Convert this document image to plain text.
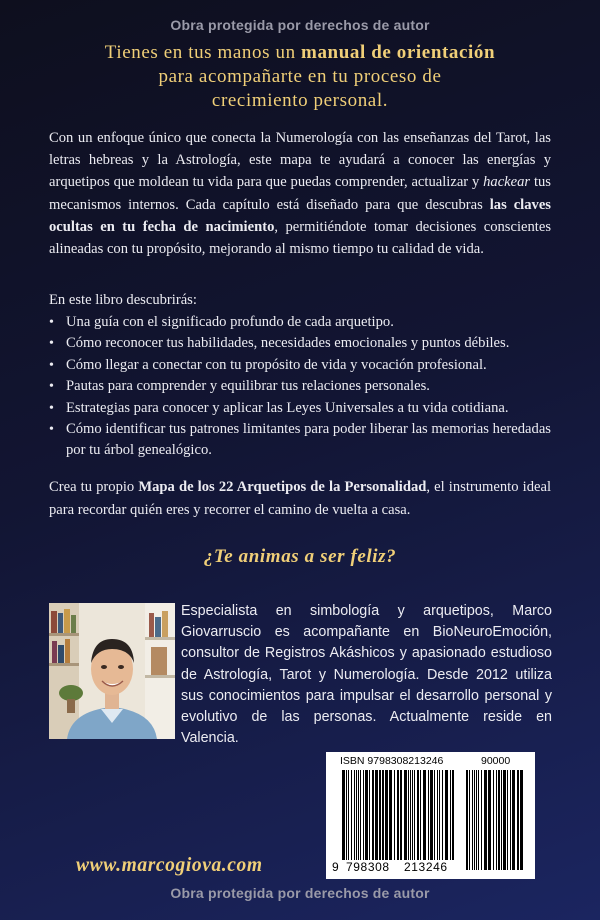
Obra protegida por derechos de autor
Tienes en tus manos un manual de orientación
para acompañarte en tu proceso de
crecimiento personal.
Con un enfoque único que conecta la Numerología con las enseñanzas del Tarot, las letras hebreas y la Astrología, este mapa te ayudará a conocer las energías y arquetipos que moldean tu vida para que puedas comprender, actualizar y hackear tus mecanismos internos. Cada capítulo está diseñado para que descubras las claves ocultas en tu fecha de nacimiento, permitiéndote tomar decisiones conscientes alineadas con tu propósito, mejorando al mismo tiempo tu calidad de vida.
En este libro descubrirás:
• Una guía con el significado profundo de cada arquetipo.
• Cómo reconocer tus habilidades, necesidades emocionales y puntos débiles.
• Cómo llegar a conectar con tu propósito de vida y vocación profesional.
• Pautas para comprender y equilibrar tus relaciones personales.
• Estrategias para conocer y aplicar las Leyes Universales a tu vida cotidiana.
• Cómo identificar tus patrones limitantes para poder liberar las memorias heredadas por tu árbol genealógico.
Crea tu propio Mapa de los 22 Arquetipos de la Personalidad, el instrumento ideal para recordar quién eres y recorrer el camino de vuelta a casa.
¿Te animas a ser feliz?
Especialista en simbología y arquetipos, Marco Giovarruscio es acompañante en BioNeuroEmoción, consultor de Registros Akáshicos y apasionado estudioso de Astrología, Tarot y Numerología. Desde 2012 utiliza sus conocimientos para impulsar el desarrollo personal y evolutivo de las personas. Actualmente reside en Valencia.
www.marcogiova.com
ISBN 9798308213246	90000
9 798308 213246
Obra protegida por derechos de autor
